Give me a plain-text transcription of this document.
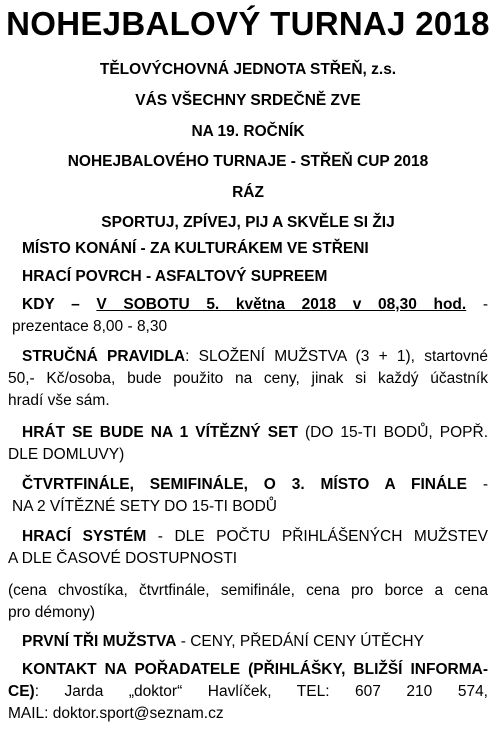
NOHEJBALOVÝ TURNAJ 2018

TĚLOVÝCHOVNÁ JEDNOTA STŘEŇ, z.s.

VÁS VŠECHNY SRDEČNĚ ZVE

NA 19. ROČNÍK

NOHEJBALOVÉHO TURNAJE - STŘEŇ CUP 2018

RÁZ

SPORTUJ, ZPÍVEJ, PIJ A SKVĚLE SI ŽIJ

MÍSTO KONÁNÍ - ZA KULTURÁKEM VE STŘENI

HRACÍ POVRCH - ASFALTOVÝ SUPREEM

KDY – V SOBOTU 5. května 2018 v 08,30 hod. -
prezentace 8,00 - 8,30
STRUČNÁ PRAVIDLA: SLOŽENÍ MUŽSTVA (3 + 1), startovné
50,- Kč/osoba, bude použito na ceny, jinak si každý účastník
hradí vše sám.
HRÁT SE BUDE NA 1 VÍTĚZNÝ SET (DO 15-TI BODŮ, POPŘ.
DLE DOMLUVY)
ČTVRTFINÁLE, SEMIFINÁLE, O 3. MÍSTO A FINÁLE -
NA 2 VÍTĚZNÉ SETY DO 15-TI BODŮ
HRACÍ SYSTÉM - DLE POČTU PŘIHLÁŠENÝCH MUŽSTEV
A DLE ČASOVÉ DOSTUPNOSTI
(cena chvostíka, čtvrtfinále, semifinále, cena pro borce a cena
pro démony)
PRVNÍ TŘI MUŽSTVA - CENY, PŘEDÁNÍ CENY ÚTĚCHY
KONTAKT NA POŘADATELE (PŘIHLÁŠKY, BLIŽŠÍ INFORMA-
CE): Jarda „doktor“ Havlíček, TEL: 607 210 574,
MAIL: doktor.sport@seznam.cz
